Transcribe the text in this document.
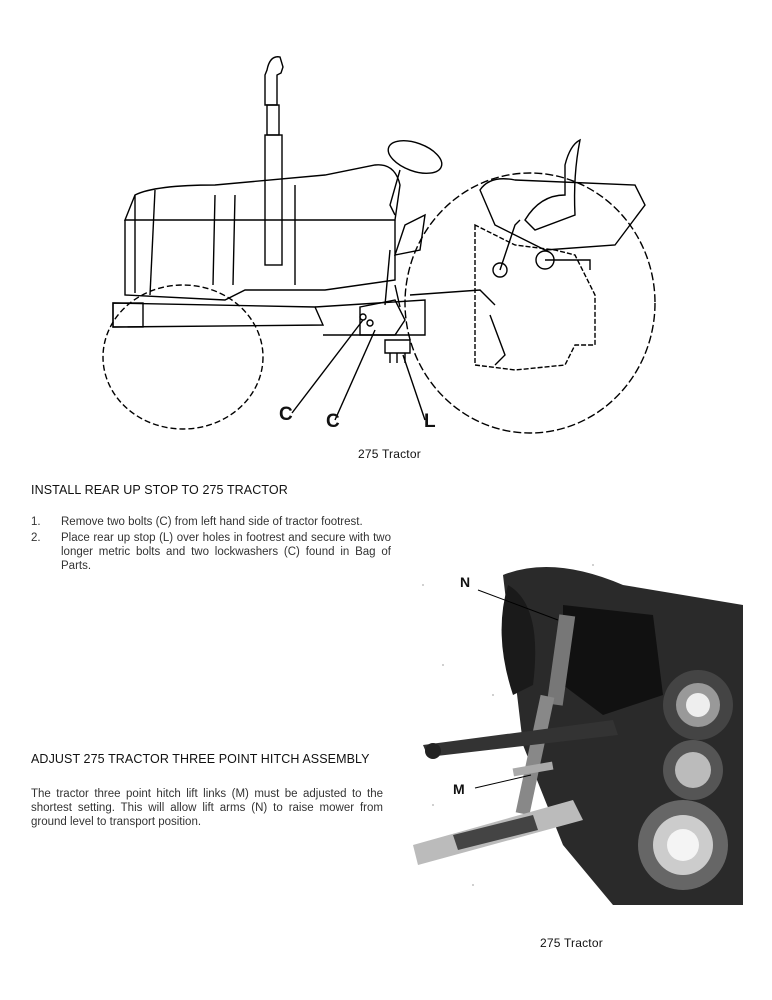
C C	L
275 Tractor
INSTALL REAR UP STOP TO 275 TRACTOR
1.	Remove two bolts (C) from left hand side of tractor footrest.
2.	Place rear up stop (L) over holes in footrest and secure with two longer metric bolts and two lockwashers (C) found in Bag of Parts.
ADJUST 275 TRACTOR THREE POINT HITCH ASSEMBLY
The tractor three point hitch lift links (M) must be adjusted to the shortest setting. This will allow lift arms (N) to raise mower from ground level to transport position.
N
M
275 Tractor
